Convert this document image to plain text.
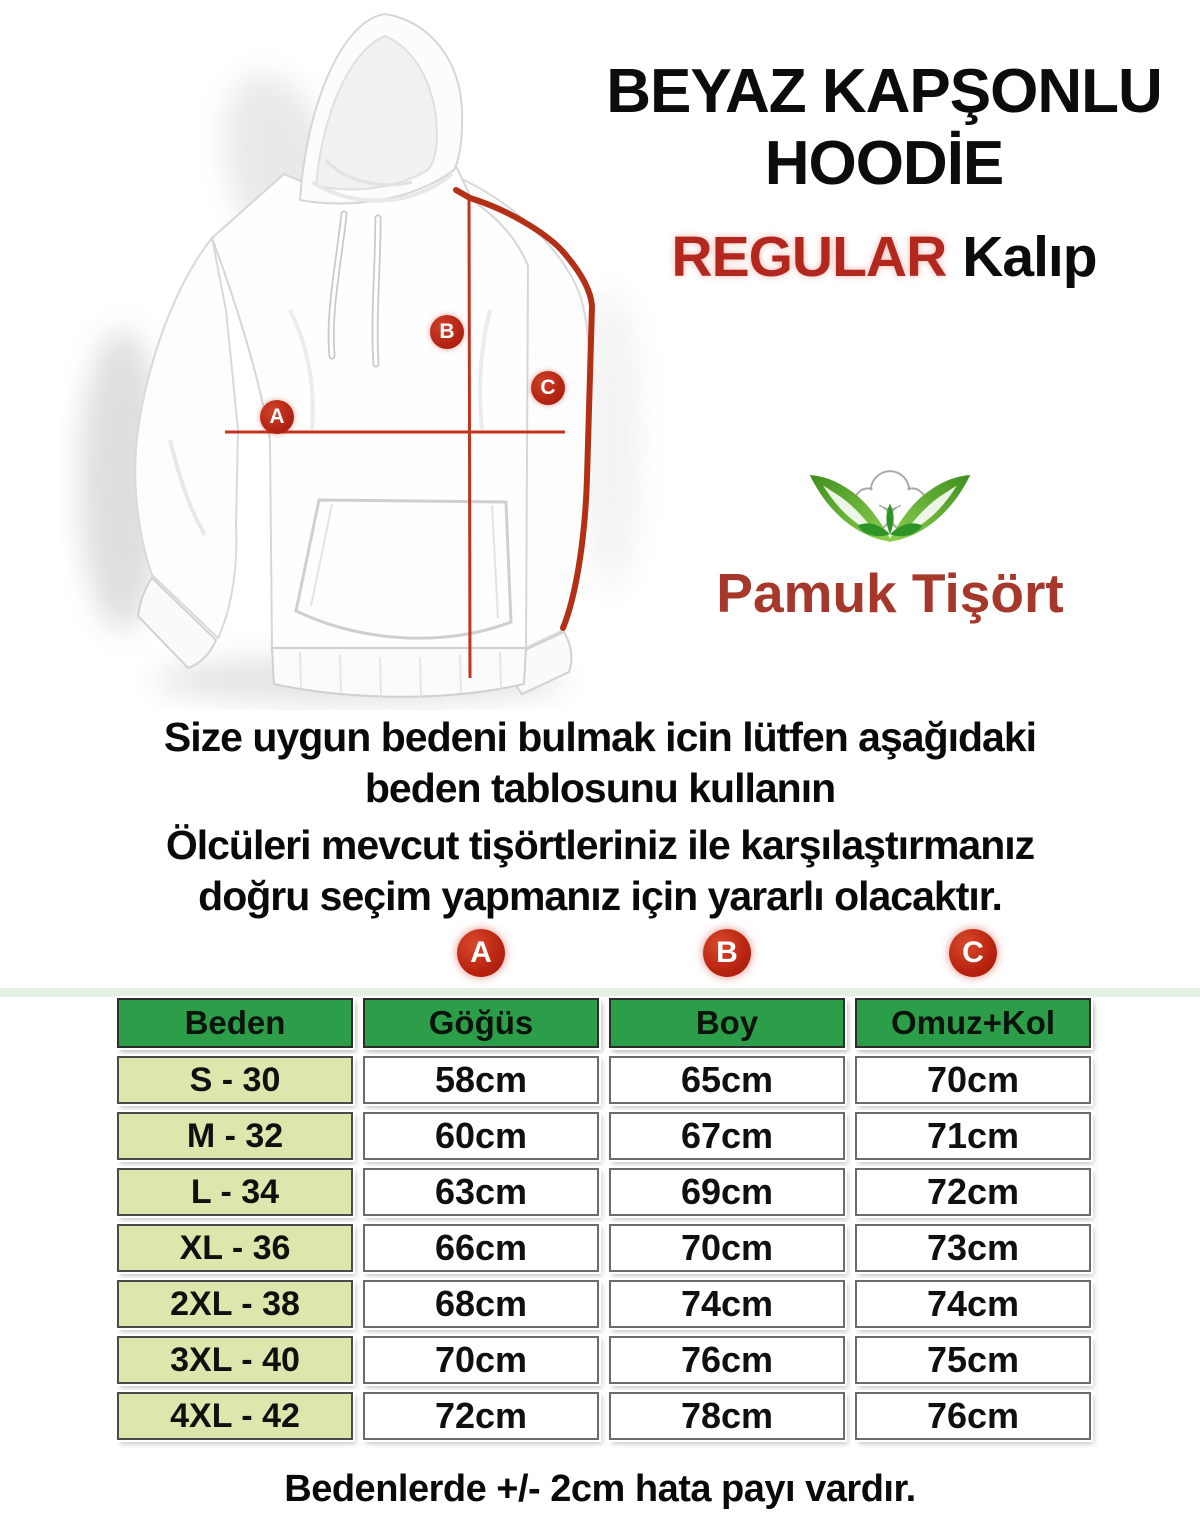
A
B
C
BEYAZ KAPŞONLU
HOODİE
REGULAR Kalıp
Pamuk Tişört
Size uygun bedeni bulmak icin lütfen aşağıdaki
beden tablosunu kullanın
Ölcüleri mevcut tişörtleriniz ile karşılaştırmanız
doğru seçim yapmanız için yararlı olacaktır.
A	B	C
Beden	Göğüs	Boy	Omuz+Kol
S - 30	58cm	65cm	70cm
M - 32	60cm	67cm	71cm
L - 34	63cm	69cm	72cm
XL - 36	66cm	70cm	73cm
2XL - 38	68cm	74cm	74cm
3XL - 40	70cm	76cm	75cm
4XL - 42	72cm	78cm	76cm
Bedenlerde +/- 2cm hata payı vardır.
